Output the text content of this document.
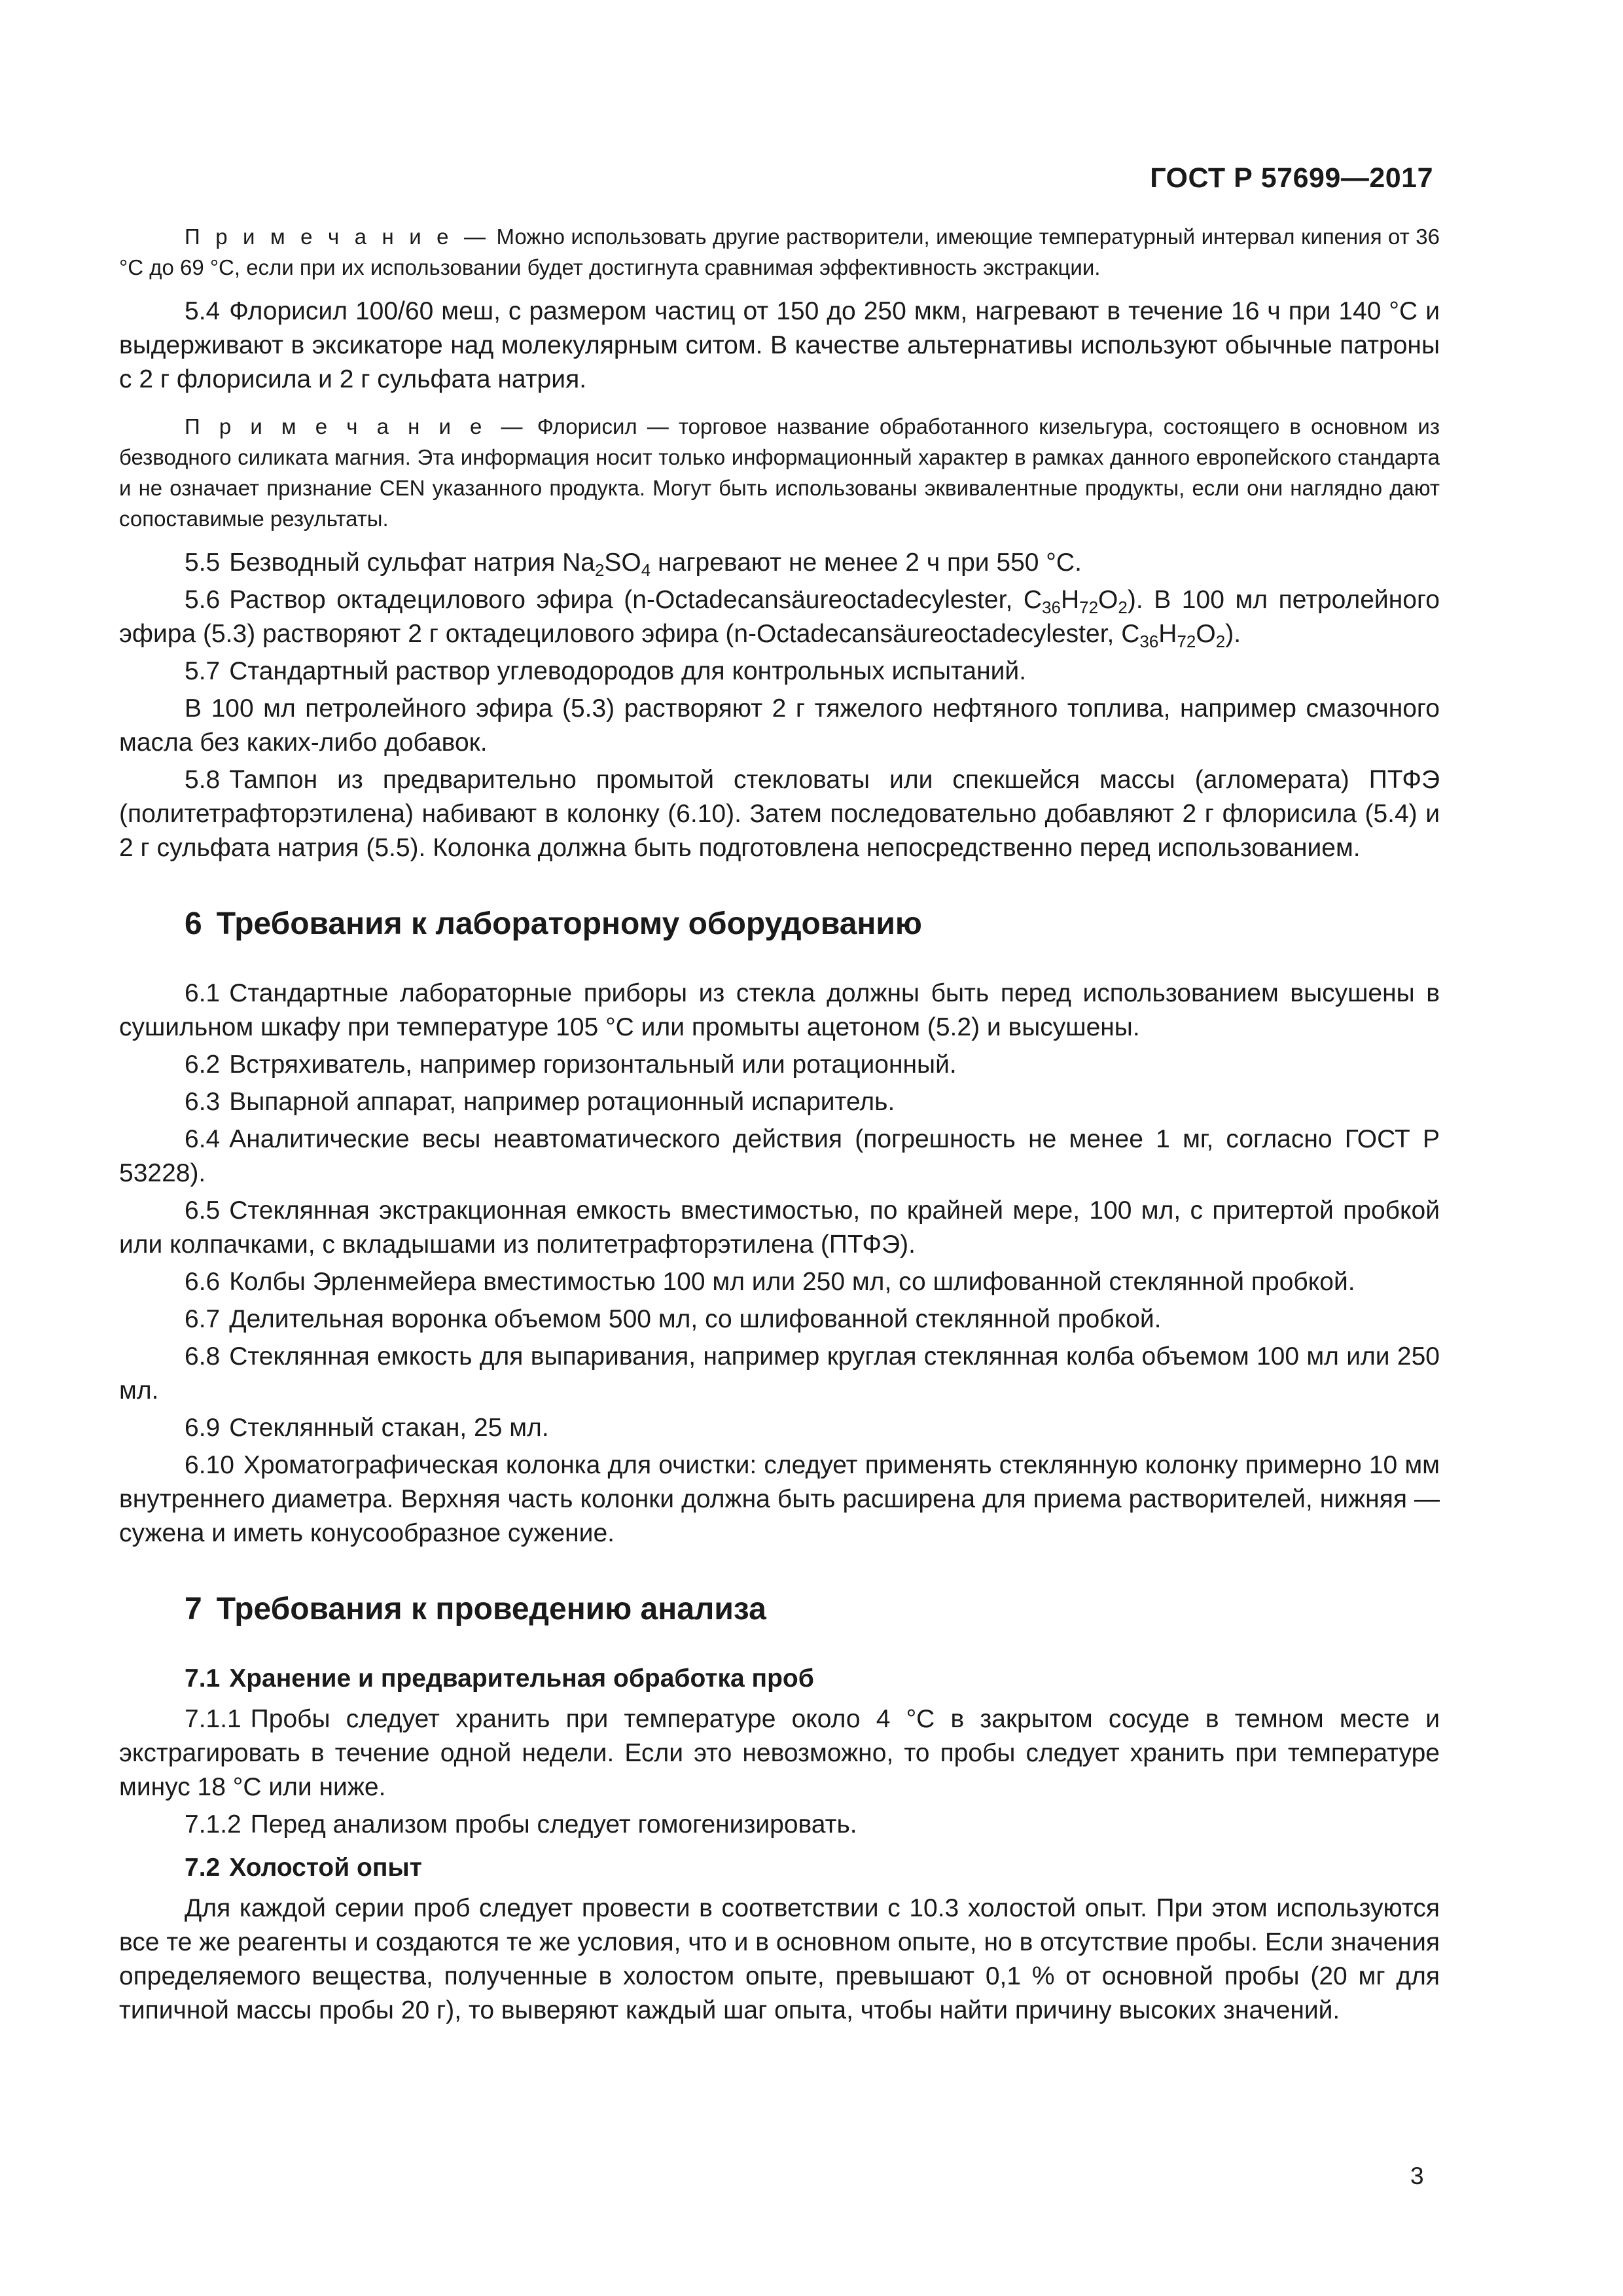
ГОСТ Р 57699—2017

П р и м е ч а н и е — Можно использовать другие растворители, имеющие температурный интервал кипения от 36 °C до 69 °C, если при их использовании будет достигнута сравнимая эффективность экстракции.

5.4 Флорисил 100/60 меш, с размером частиц от 150 до 250 мкм, нагревают в течение 16 ч при 140 °C и выдерживают в эксикаторе над молекулярным ситом. В качестве альтернативы используют обычные патроны с 2 г флорисила и 2 г сульфата натрия.

П р и м е ч а н и е — Флорисил — торговое название обработанного кизельгура, состоящего в основном из безводного силиката магния. Эта информация носит только информационный характер в рамках данного европейского стандарта и не означает признание CEN указанного продукта. Могут быть использованы эквивалентные продукты, если они наглядно дают сопоставимые результаты.

5.5 Безводный сульфат натрия $Na_2SO_4$ нагревают не менее 2 ч при 550 °C.

5.6 Раствор октадецилового эфира (n-Octadecansäureoctadecylester, $C_{36}H_{72}O_2$). В 100 мл петролейного эфира (5.3) растворяют 2 г октадецилового эфира (n-Octadecansäureoctadecylester, $C_{36}H_{72}O_2$).

5.7 Стандартный раствор углеводородов для контрольных испытаний.

В 100 мл петролейного эфира (5.3) растворяют 2 г тяжелого нефтяного топлива, например смазочного масла без каких-либо добавок.

5.8 Тампон из предварительно промытой стекловаты или спекшейся массы (агломерата) ПТФЭ (политетрафторэтилена) набивают в колонку (6.10). Затем последовательно добавляют 2 г флорисила (5.4) и 2 г сульфата натрия (5.5). Колонка должна быть подготовлена непосредственно перед использованием.

6 Требования к лабораторному оборудованию

6.1 Стандартные лабораторные приборы из стекла должны быть перед использованием высушены в сушильном шкафу при температуре 105 °C или промыты ацетоном (5.2) и высушены.

6.2 Встряхиватель, например горизонтальный или ротационный.

6.3 Выпарной аппарат, например ротационный испаритель.

6.4 Аналитические весы неавтоматического действия (погрешность не менее 1 мг, согласно ГОСТ Р 53228).

6.5 Стеклянная экстракционная емкость вместимостью, по крайней мере, 100 мл, с притертой пробкой или колпачками, с вкладышами из политетрафторэтилена (ПТФЭ).

6.6 Колбы Эрленмейера вместимостью 100 мл или 250 мл, со шлифованной стеклянной пробкой.

6.7 Делительная воронка объемом 500 мл, со шлифованной стеклянной пробкой.

6.8 Стеклянная емкость для выпаривания, например круглая стеклянная колба объемом 100 мл или 250 мл.

6.9 Стеклянный стакан, 25 мл.

6.10 Хроматографическая колонка для очистки: следует применять стеклянную колонку примерно 10 мм внутреннего диаметра. Верхняя часть колонки должна быть расширена для приема растворителей, нижняя — сужена и иметь конусообразное сужение.

7 Требования к проведению анализа
7.1 Хранение и предварительная обработка проб

7.1.1 Пробы следует хранить при температуре около 4 °C в закрытом сосуде в темном месте и экстрагировать в течение одной недели. Если это невозможно, то пробы следует хранить при температуре минус 18 °C или ниже.

7.1.2 Перед анализом пробы следует гомогенизировать.

7.2 Холостой опыт

Для каждой серии проб следует провести в соответствии с 10.3 холостой опыт. При этом используются все те же реагенты и создаются те же условия, что и в основном опыте, но в отсутствие пробы. Если значения определяемого вещества, полученные в холостом опыте, превышают 0,1 % от основной пробы (20 мг для типичной массы пробы 20 г), то выверяют каждый шаг опыта, чтобы найти причину высоких значений.

3
